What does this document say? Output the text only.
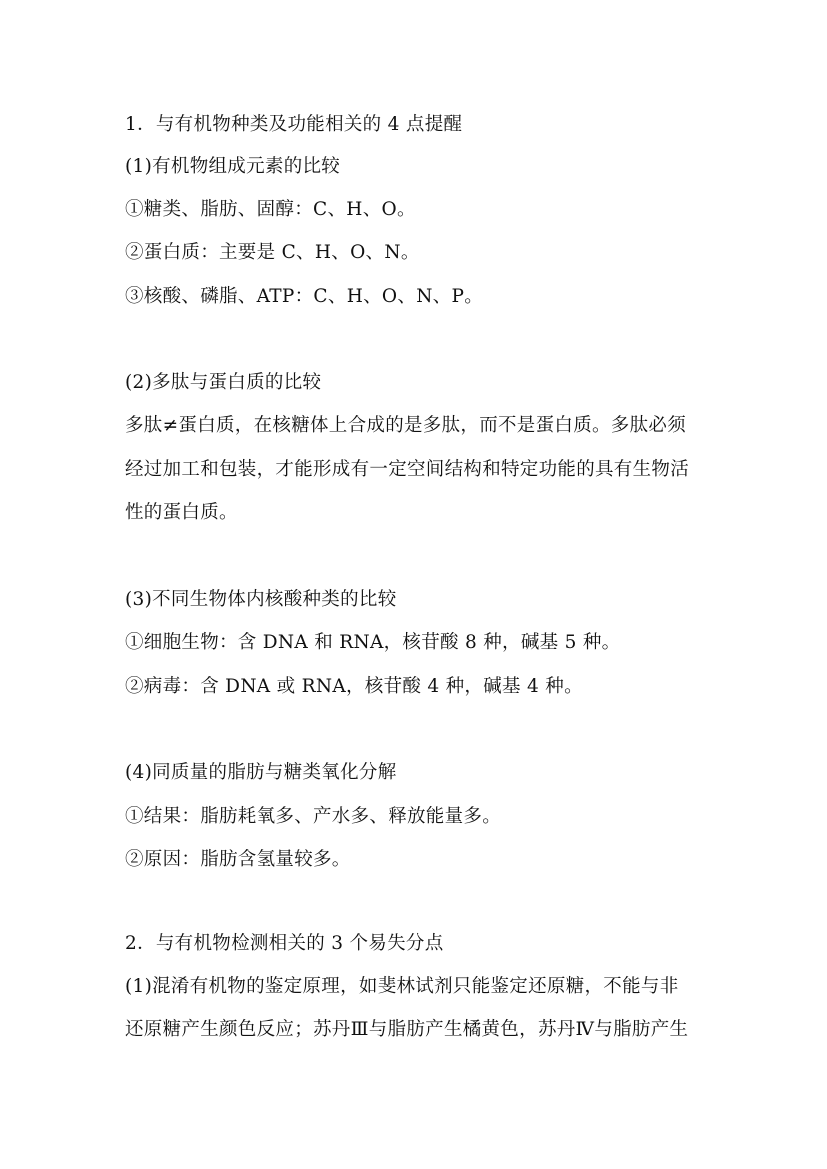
1．与有机物种类及功能相关的 4 点提醒
(1)有机物组成元素的比较
①糖类、脂肪、固醇：C、H、O。
②蛋白质：主要是 C、H、O、N。
③核酸、磷脂、ATP：C、H、O、N、P。
(2)多肽与蛋白质的比较
多肽≠蛋白质，在核糖体上合成的是多肽，而不是蛋白质。多肽必须
经过加工和包装，才能形成有一定空间结构和特定功能的具有生物活
性的蛋白质。
(3)不同生物体内核酸种类的比较
①细胞生物：含 DNA 和 RNA，核苷酸 8 种，碱基 5 种。
②病毒：含 DNA 或 RNA，核苷酸 4 种，碱基 4 种。
(4)同质量的脂肪与糖类氧化分解
①结果：脂肪耗氧多、产水多、释放能量多。
②原因：脂肪含氢量较多。
2．与有机物检测相关的 3 个易失分点
(1)混淆有机物的鉴定原理，如斐林试剂只能鉴定还原糖，不能与非
还原糖产生颜色反应；苏丹Ⅲ与脂肪产生橘黄色，苏丹Ⅳ与脂肪产生
